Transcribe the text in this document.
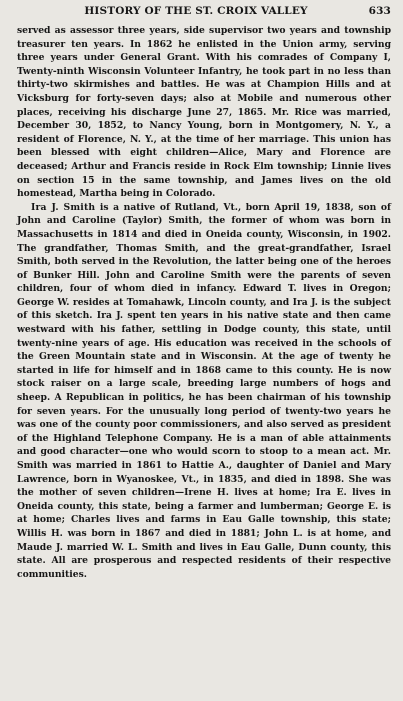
HISTORY OF THE ST. CROIX VALLEY	633

served as assessor three years, side supervisor two years and township treasurer ten years. In 1862 he enlisted in the Union army, serving three years under General Grant. With his comrades of Company I, Twenty-ninth Wisconsin Volunteer Infantry, he took part in no less than thirty-two skirmishes and battles. He was at Champion Hills and at Vicksburg for forty-seven days; also at Mobile and numerous other places, receiving his discharge June 27, 1865. Mr. Rice was married, December 30, 1852, to Nancy Young, born in Montgomery, N. Y., a resident of Florence, N. Y., at the time of her marriage. This union has been blessed with eight children—Alice, Mary and Florence are deceased; Arthur and Francis reside in Rock Elm township; Linnie lives on section 15 in the same township, and James lives on the old homestead, Martha being in Colorado.

Ira J. Smith is a native of Rutland, Vt., born April 19, 1838, son of John and Caroline (Taylor) Smith, the former of whom was born in Massachusetts in 1814 and died in Oneida county, Wisconsin, in 1902. The grandfather, Thomas Smith, and the great-grandfather, Israel Smith, both served in the Revolution, the latter being one of the heroes of Bunker Hill. John and Caroline Smith were the parents of seven children, four of whom died in infancy. Edward T. lives in Oregon; George W. resides at Tomahawk, Lincoln county, and Ira J. is the subject of this sketch. Ira J. spent ten years in his native state and then came westward with his father, settling in Dodge county, this state, until twenty-nine years of age. His education was received in the schools of the Green Mountain state and in Wisconsin. At the age of twenty he started in life for himself and in 1868 came to this county. He is now stock raiser on a large scale, breeding large numbers of hogs and sheep. A Republican in politics, he has been chairman of his township for seven years. For the unusually long period of twenty-two years he was one of the county poor commissioners, and also served as president of the Highland Telephone Company. He is a man of able attainments and good character—one who would scorn to stoop to a mean act. Mr. Smith was married in 1861 to Hattie A., daughter of Daniel and Mary Lawrence, born in Wyanoskee, Vt., in 1835, and died in 1898. She was the mother of seven children—Irene H. lives at home; Ira E. lives in Oneida county, this state, being a farmer and lumberman; George E. is at home; Charles lives and farms in Eau Galle township, this state; Willis H. was born in 1867 and died in 1881; John L. is at home, and Maude J. married W. L. Smith and lives in Eau Galle, Dunn county, this state. All are prosperous and respected residents of their respective communities.
